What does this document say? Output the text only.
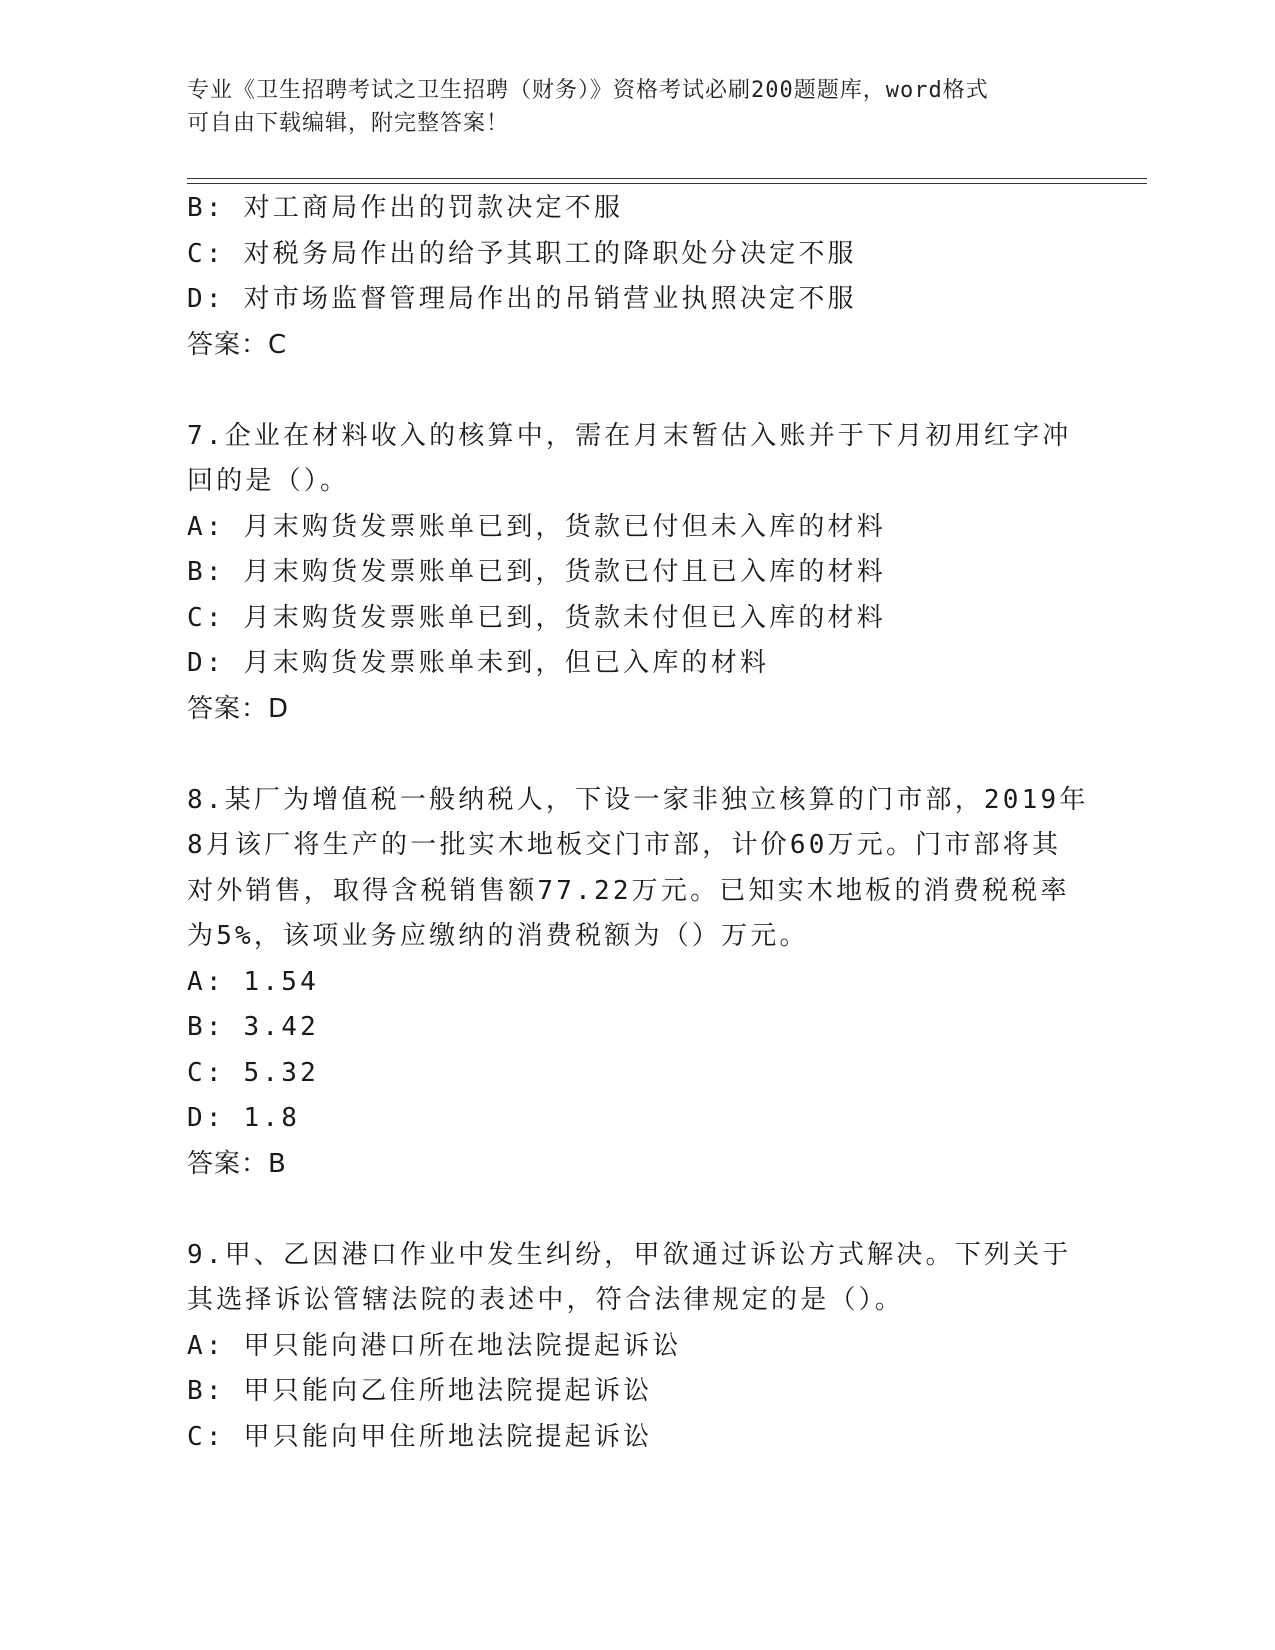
专业《卫生招聘考试之卫生招聘（财务）》资格考试必刷200题题库，word格式
可自由下载编辑，附完整答案！
B: 对工商局作出的罚款决定不服
C: 对税务局作出的给予其职工的降职处分决定不服
D: 对市场监督管理局作出的吊销营业执照决定不服
答案：C
7.企业在材料收入的核算中，需在月末暂估入账并于下月初用红字冲
回的是（）。
A: 月末购货发票账单已到，货款已付但未入库的材料
B: 月末购货发票账单已到，货款已付且已入库的材料
C: 月末购货发票账单已到，货款未付但已入库的材料
D: 月末购货发票账单未到，但已入库的材料
答案：D
8.某厂为增值税一般纳税人，下设一家非独立核算的门市部，2019年
8月该厂将生产的一批实木地板交门市部，计价60万元。门市部将其
对外销售，取得含税销售额77.22万元。已知实木地板的消费税税率
为5%，该项业务应缴纳的消费税额为（）万元。
A: 1.54
B: 3.42
C: 5.32
D: 1.8
答案：B
9.甲、乙因港口作业中发生纠纷，甲欲通过诉讼方式解决。下列关于
其选择诉讼管辖法院的表述中，符合法律规定的是（）。
A: 甲只能向港口所在地法院提起诉讼
B: 甲只能向乙住所地法院提起诉讼
C: 甲只能向甲住所地法院提起诉讼
